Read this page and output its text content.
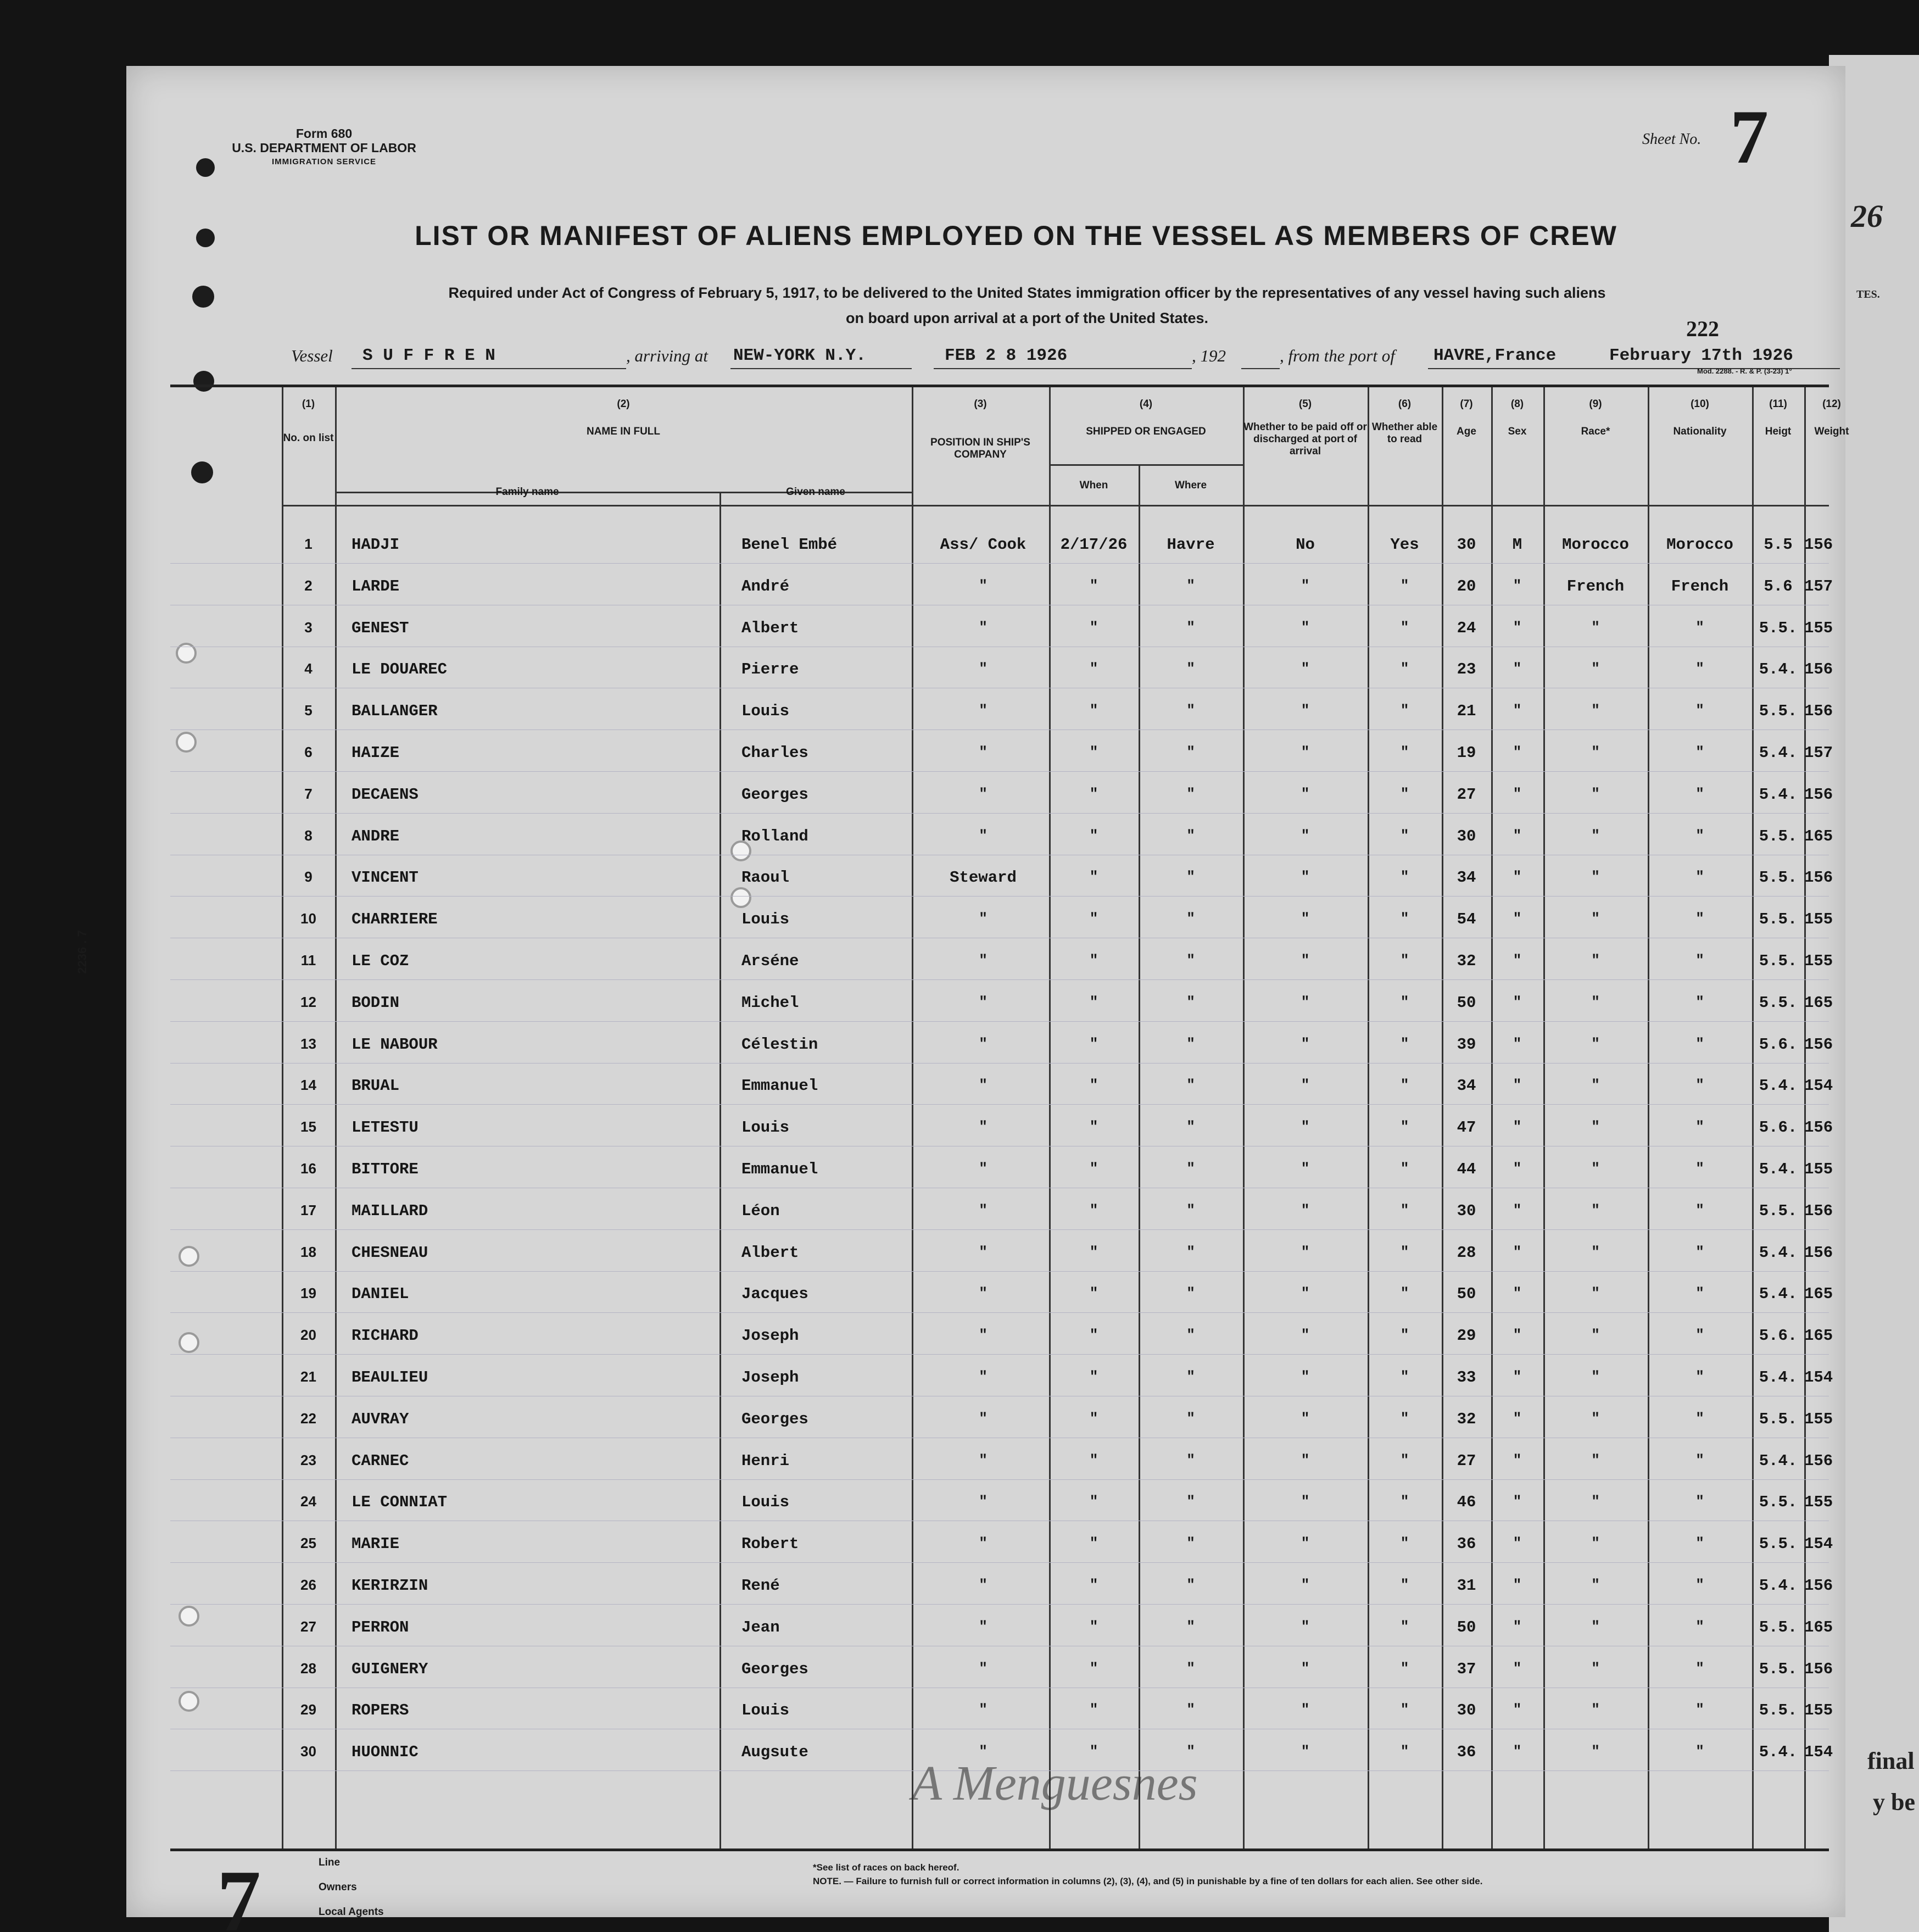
26
TES.
final
y be
2236 . 7
Form 680
U.S. DEPARTMENT OF LABOR
IMMIGRATION SERVICE
Sheet No. 7
LIST OR MANIFEST OF ALIENS EMPLOYED ON THE VESSEL AS MEMBERS OF CREW
Required under Act of Congress of February 5, 1917, to be delivered to the United States immigration officer by the representatives of any vessel having such aliens
on board upon arrival at a port of the United States.	222
Vessel S U F F R E N	, arriving at NEW-YORK N.Y.	FEB 2 8 1926	, 192	, from the port of HAVRE,France	February 17th 1926
Mod. 2288. - R. & P. (3-23) 1°
(1)
No. on list
(2)
NAME IN FULL
Family name	Given name
(3)
POSITION IN SHIP'S COMPANY
(4)
SHIPPED OR ENGAGED
When	Where
(5)
Whether to be paid off or discharged at port of arrival
(6)
Whether able to read
(7)
Age
(8)
Sex
(9)
Race*
(10)
Nationality
(11)
Heigt
(12)
Weight
1	HADJI	Benel Embé	Ass/ Cook	2/17/26	Havre	No	Yes	30	M	Morocco	Morocco	5.5 156
2	LARDE	André	"	"	"	"	"	20	"	French	French	5.6 157
3	GENEST	Albert	"	"	"	"	"	24	"	"	"	5.5. 155
4	LE DOUAREC	Pierre	"	"	"	"	"	23	"	"	"	5.4. 156
5	BALLANGER	Louis	"	"	"	"	"	21	"	"	"	5.5. 156
6	HAIZE	Charles	"	"	"	"	"	19	"	"	"	5.4. 157
7	DECAENS	Georges	"	"	"	"	"	27	"	"	"	5.4. 156
8	ANDRE	Rolland	"	"	"	"	"	30	"	"	"	5.5. 165
9	VINCENT	Raoul	Steward	"	"	"	"	34	"	"	"	5.5. 156
10	CHARRIERE	Louis	"	"	"	"	"	54	"	"	"	5.5. 155
11	LE COZ	Arséne	"	"	"	"	"	32	"	"	"	5.5. 155
12	BODIN	Michel	"	"	"	"	"	50	"	"	"	5.5. 165
13	LE NABOUR	Célestin	"	"	"	"	"	39	"	"	"	5.6. 156
14	BRUAL	Emmanuel	"	"	"	"	"	34	"	"	"	5.4. 154
15	LETESTU	Louis	"	"	"	"	"	47	"	"	"	5.6. 156
16	BITTORE	Emmanuel	"	"	"	"	"	44	"	"	"	5.4. 155
17	MAILLARD	Léon	"	"	"	"	"	30	"	"	"	5.5. 156
18	CHESNEAU	Albert	"	"	"	"	"	28	"	"	"	5.4. 156
19	DANIEL	Jacques	"	"	"	"	"	50	"	"	"	5.4. 165
20	RICHARD	Joseph	"	"	"	"	"	29	"	"	"	5.6. 165
21	BEAULIEU	Joseph	"	"	"	"	"	33	"	"	"	5.4. 154
22	AUVRAY	Georges	"	"	"	"	"	32	"	"	"	5.5. 155
23	CARNEC	Henri	"	"	"	"	"	27	"	"	"	5.4. 156
24	LE CONNIAT	Louis	"	"	"	"	"	46	"	"	"	5.5. 155
25	MARIE	Robert	"	"	"	"	"	36	"	"	"	5.5. 154
26	KERIRZIN	René	"	"	"	"	"	31	"	"	"	5.4. 156
27	PERRON	Jean	"	"	"	"	"	50	"	"	"	5.5. 165
28	GUIGNERY	Georges	"	"	"	"	"	37	"	"	"	5.5. 156
29	ROPERS	Louis	"	"	"	"	"	30	"	"	"	5.5. 155
30	HUONNIC	Augsute	"	"	"	"	"	36	"	"	"	5.4. 154
A Menguesnes
Line
Owners
Local Agents
*See list of races on back hereof.
NOTE. — Failure to furnish full or correct information in columns (2), (3), (4), and (5) in punishable by a fine of ten dollars for each alien. See other side.
7
